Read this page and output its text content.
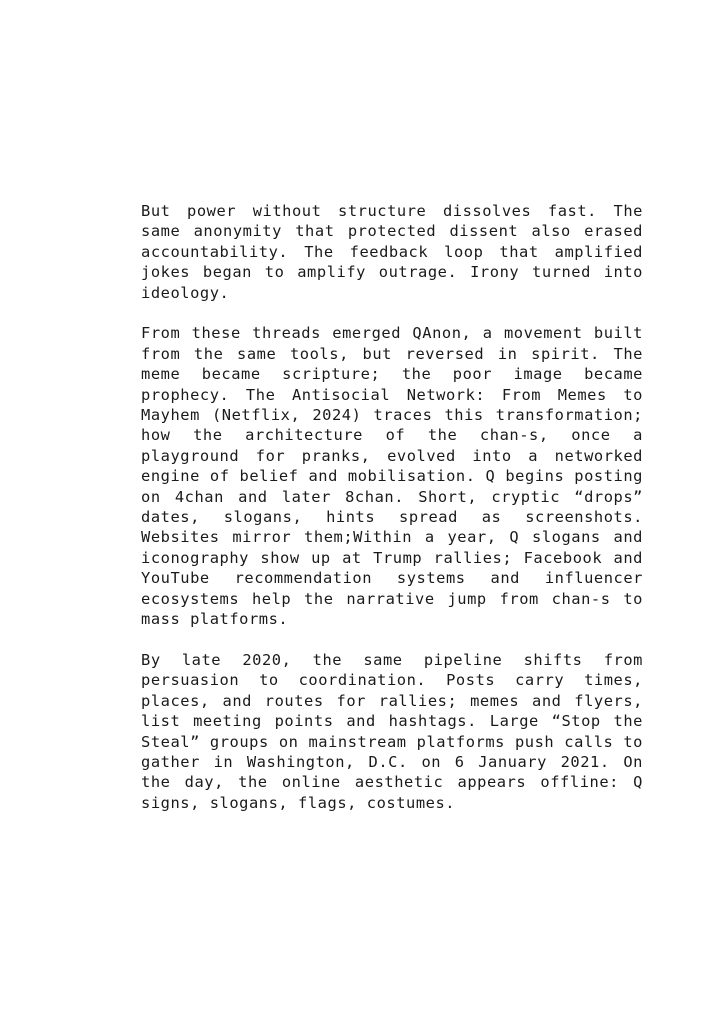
But power without structure dissolves fast. The same anonymity that protected dissent also erased accountability. The feedback loop that amplified jokes began to amplify outrage. Irony turned into ideology.

From these threads emerged QAnon, a movement built from the same tools, but reversed in spirit. The meme became scripture; the poor image became prophecy. The Antisocial Network: From Memes to Mayhem (Netflix, 2024) traces this transformation; how the architecture of the chan-s, once a playground for pranks, evolved into a networked engine of belief and mobilisation. Q begins posting on 4chan and later 8chan. Short, cryptic “drops” dates, slogans, hints spread as screenshots. Websites mirror them;Within a year, Q slogans and iconography show up at Trump rallies; Facebook and YouTube recommendation systems and influencer ecosystems help the narrative jump from chan-s to mass platforms.

By late 2020, the same pipeline shifts from persuasion to coordination. Posts carry times, places, and routes for rallies; memes and flyers, list meeting points and hashtags. Large “Stop the Steal” groups on mainstream platforms push calls to gather in Washington, D.C. on 6 January 2021. On the day, the online aesthetic appears offline: Q signs, slogans, flags, costumes.
